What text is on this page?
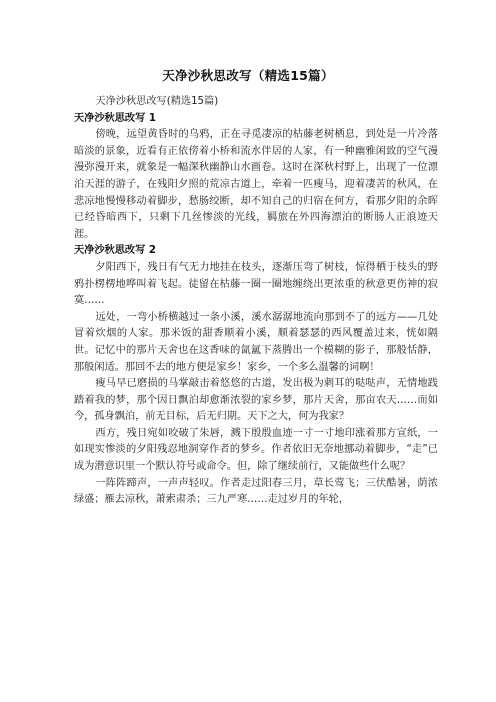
天净沙秋思改写（精选15篇）

天净沙秋思改写(精选15篇)

天净沙秋思改写 1

傍晚，远望黄昏时的乌鸦，正在寻觅凄凉的枯藤老树栖息，到处是一片冷落暗淡的景象，近看有正依傍着小桥和流水伴居的人家，有一种幽雅闲致的空气漫漫弥漫开来，就象是一幅深秋幽静山水画卷。这时在深秋村野上，出现了一位漂泊天涯的游子，在残阳夕照的荒凉古道上，牵着一匹瘦马，迎着凄苦的秋风，在悲凉地慢慢移动着脚步，愁肠绞断，却不知自己的归宿在何方，看那夕阳的余晖已经昏暗西下，只剩下几丝惨淡的光线，羁旅在外四海漂泊的断肠人正浪迹天涯。

天净沙秋思改写 2

夕阳西下，残日有气无力地挂在枝头，逐渐压弯了树枝，惊得栖于枝头的野鸦扑楞楞地哗叫着飞起。徒留在枯藤一圈一圈地缠绕出更浓重的秋意更伤神的寂寞……

远处，一弯小桥横越过一条小溪，溪水潺潺地流向那到不了的远方——几处冒着炊烟的人家。那米饭的甜香顺着小溪，顺着瑟瑟的西风覆盖过来，恍如隔世。记忆中的那片天舍也在这香味的氤氲下蒸腾出一个模糊的影子，那般恬静，那般闲适。那回不去的地方便是家乡！家乡，一个多么温馨的词啊！

瘦马早已磨损的马掌敲击着悠悠的古道，发出极为刺耳的哒哒声，无情地践踏着我的梦，那个因日飘泊却愈渐浓裂的家乡梦，那片天舍，那亩农天……而如今，孤身飘泊，前无目标，后无归期。天下之大，何为我家？

西方，残日宛如咬破了朱唇，溅下殷殷血迹一寸一寸地印涨着那方宣纸，一如现实惨淡的夕阳残忍地洞穿作者的梦乡。作者依旧无奈地挪动着脚步，“走”已成为潜意识里一个默认符号或命令。但，除了继续前行，又能做些什么呢？

一阵阵蹄声，一声声轻叹。作者走过阳春三月，草长莺飞；三伏酷暑，荫浓绿盛；雁去凉秋，萧索肃杀；三九严寒……走过岁月的年轮，
